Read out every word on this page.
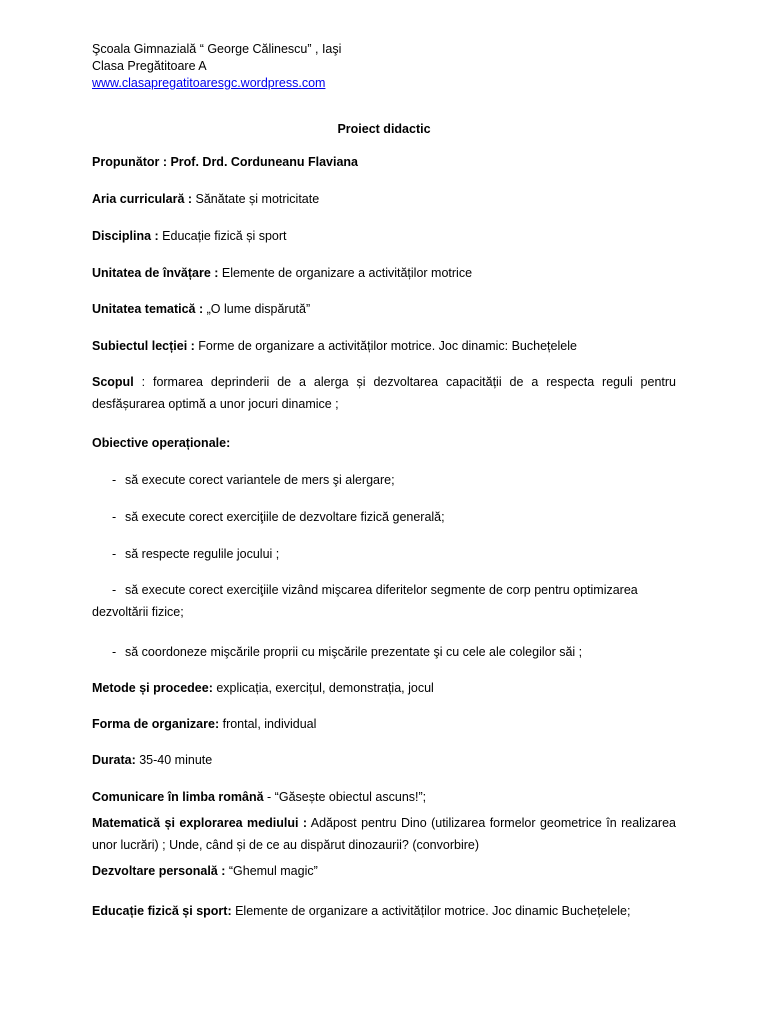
Şcoala Gimnazială “ George Călinescu” , Iaşi
Clasa Pregătitoare A
www.clasapregatitoaresgc.wordpress.com
Proiect didactic
Propunător : Prof. Drd. Corduneanu Flaviana
Aria curriculară : Sănătate și motricitate
Disciplina : Educație fizică și sport
Unitatea de învățare : Elemente de organizare a activităților motrice
Unitatea tematică : „O lume dispărută”
Subiectul lecției : Forme de organizare a activităților motrice. Joc dinamic: Buchețelele
Scopul : formarea deprinderii de a alerga și dezvoltarea capacității de a respecta reguli pentru desfășurarea optimă a unor jocuri dinamice ;
Obiective operaționale:
- să execute corect variantele de mers şi alergare;
- să execute corect exerciţiile de dezvoltare fizică generală;
- să respecte regulile jocului ;
- să execute corect exerciţiile vizând mişcarea diferitelor segmente de corp pentru optimizarea dezvoltării fizice;
- să coordoneze mişcările proprii cu mişcările prezentate şi cu cele ale colegilor săi ;
Metode și procedee: explicația, exercițul, demonstrația, jocul
Forma de organizare: frontal, individual
Durata: 35-40 minute
Comunicare în limba română - “Găsește obiectul ascuns!”;
Matematică și explorarea mediului : Adăpost pentru Dino (utilizarea formelor geometrice în realizarea unor lucrări) ; Unde, când și de ce au dispărut dinozaurii? (convorbire)
Dezvoltare personală : “Ghemul magic”
Educație fizică și sport: Elemente de organizare a activităților motrice. Joc dinamic Buchețelele;
